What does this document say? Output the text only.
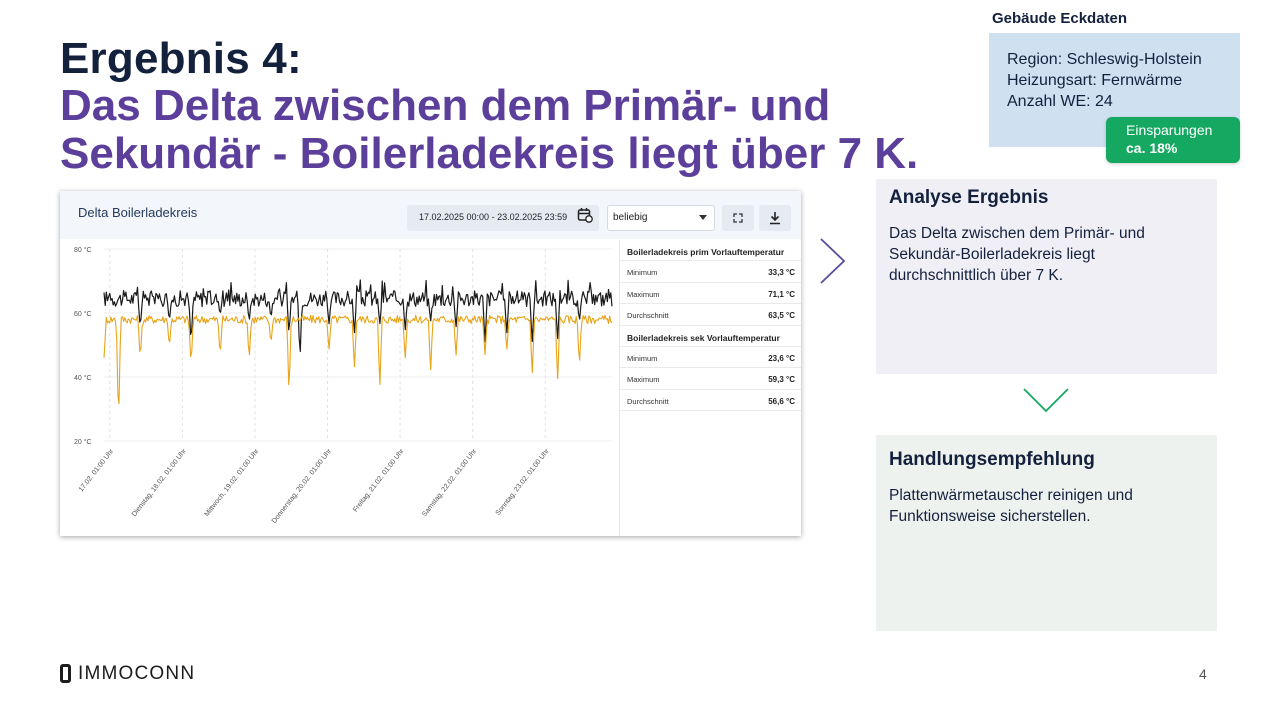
Ergebnis 4:
Das Delta zwischen dem Primär- und Sekundär - Boilerladekreis liegt über 7 K.
Gebäude Eckdaten
Region: Schleswig-Holstein
Heizungsart: Fernwärme
Anzahl WE: 24
Einsparungen
ca. 18%
Delta Boilerladekreis	17.02.2025 00:00 - 23.02.2025 23:59	beliebig
80 °C
60 °C
40 °C
20 °C
17.02. 01:00 Uhr Dienstag, 18.02. 01:00 Uhr Mittwoch, 19.02. 01:00 Uhr Donnerstag, 20.02. 01:00 Uhr	Freitag, 21.02. 01:00 Uhr Samstag, 22.02. 01:00 Uhr Sonntag, 23.02. 01:00 Uhr
Boilerladekreis prim Vorlauftemperatur
Minimum	33,3 °C
Maximum	71,1 °C
Durchschnitt	63,5 °C
Boilerladekreis sek Vorlauftemperatur
Minimum	23,6 °C
Maximum	59,3 °C
Durchschnitt	56,6 °C
Analyse Ergebnis

Das Delta zwischen dem Primär- und Sekundär-Boilerladekreis liegt durchschnittlich über 7 K.

Handlungsempfehlung

Plattenwärmetauscher reinigen und Funktionsweise sicherstellen.

IMMOCONN	4
